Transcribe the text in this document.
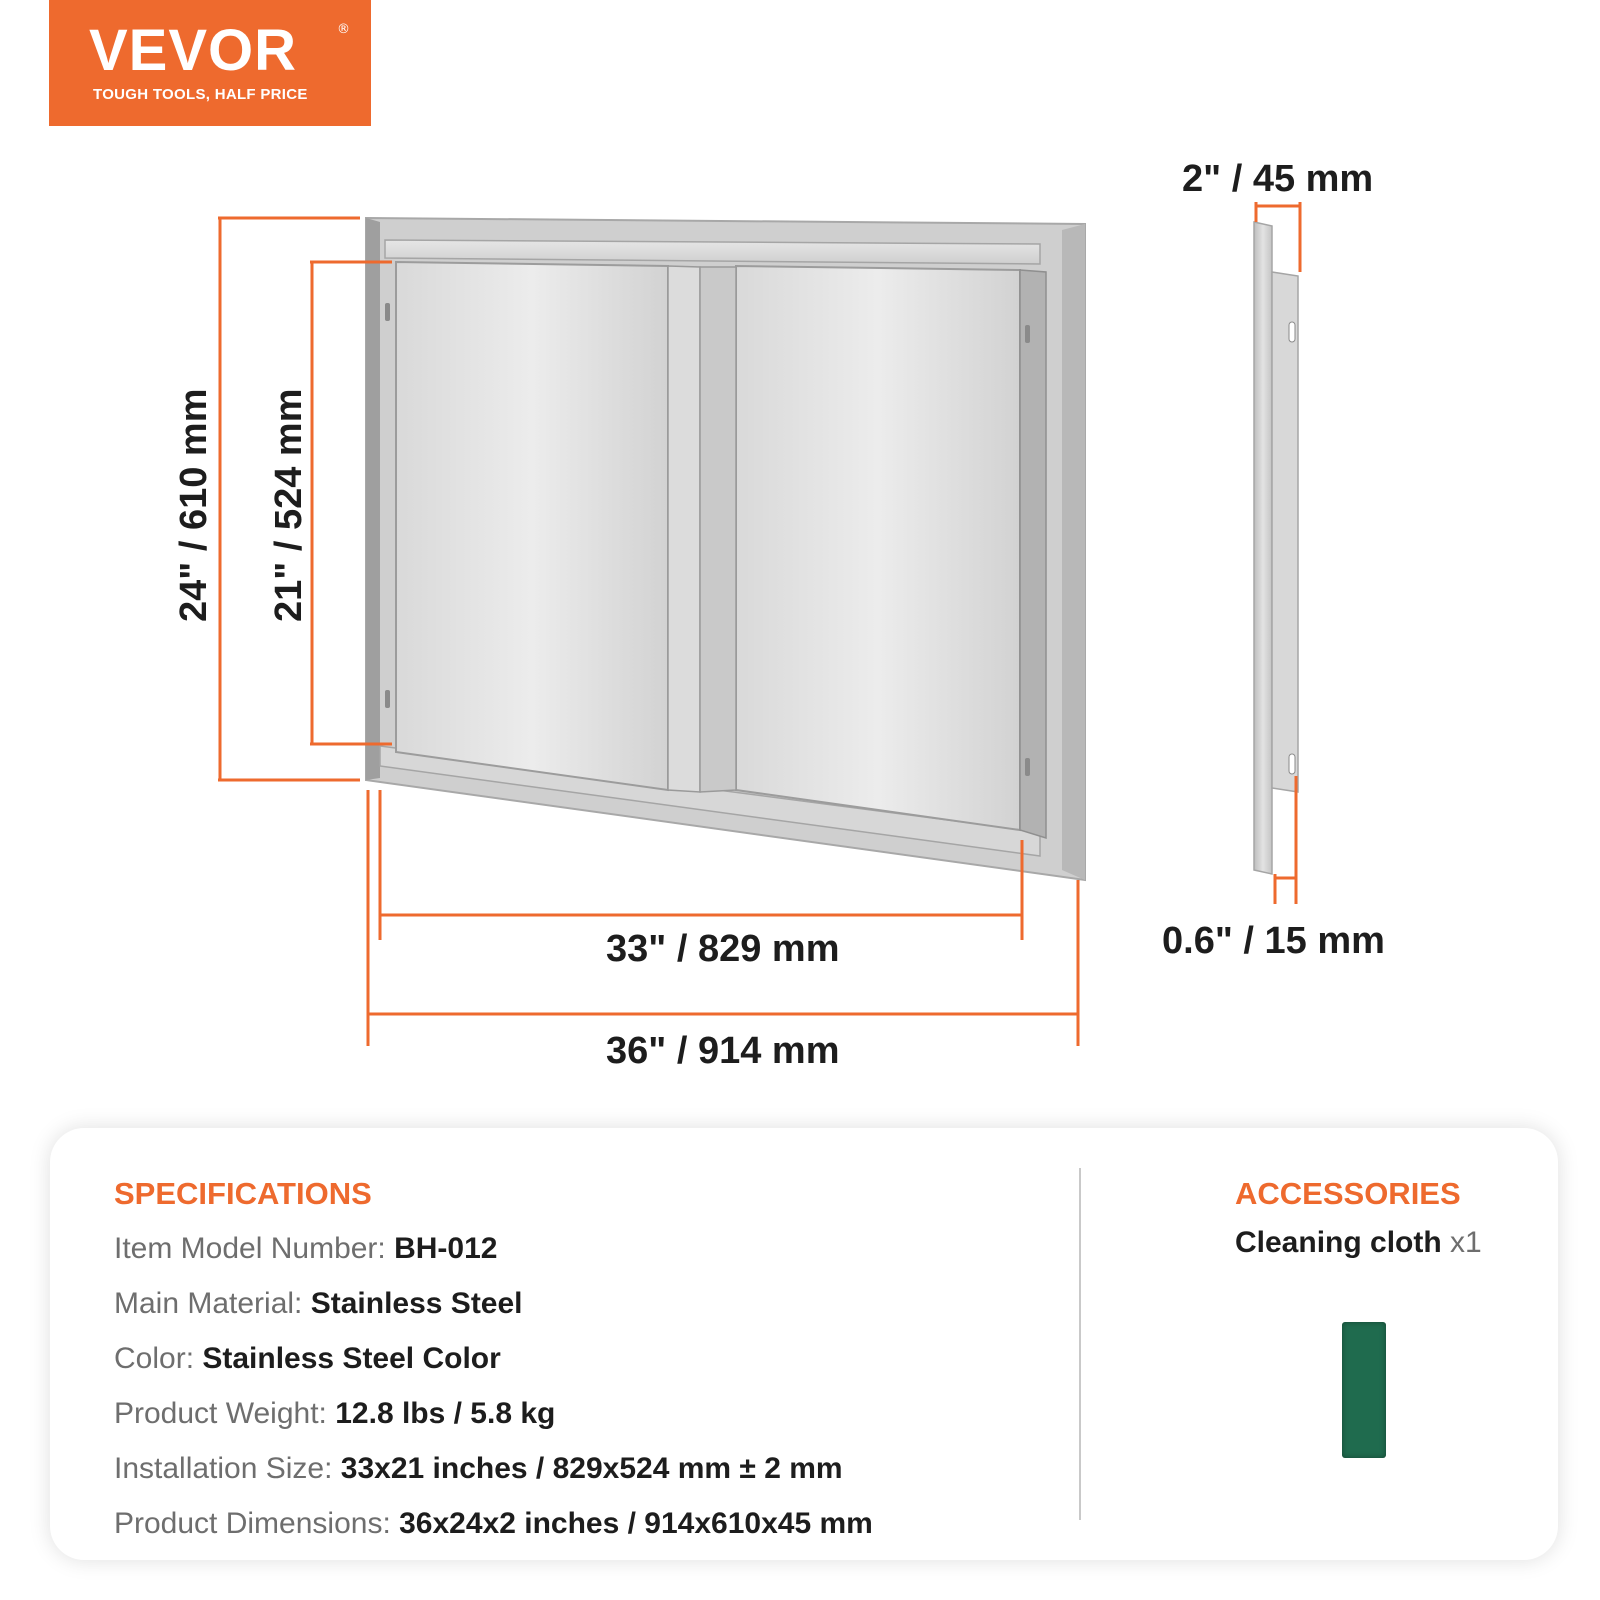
VEVOR	®
TOUGH TOOLS, HALF PRICE
24" / 610 mm 21" / 524 mm
33" / 829 mm
36" / 914 mm
2" / 45 mm
0.6" / 15 mm
SPECIFICATIONS
Item Model Number: BH-012
Main Material: Stainless Steel
Color: Stainless Steel Color
Product Weight: 12.8 lbs / 5.8 kg
Installation Size: 33x21 inches / 829x524 mm ± 2 mm
Product Dimensions: 36x24x2 inches / 914x610x45 mm
ACCESSORIES
Cleaning cloth x1
